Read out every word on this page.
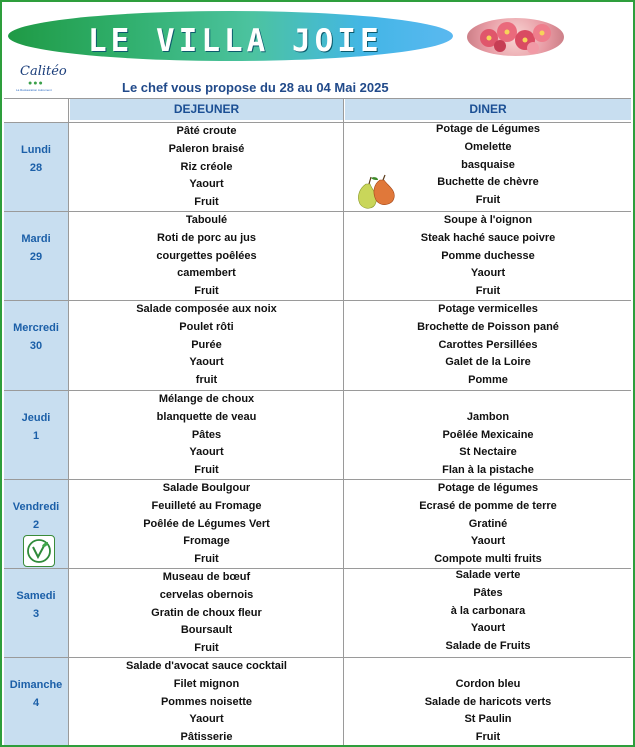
LE VILLA JOIE
Calitéo
●●●
La Restauration Autrement	Le chef vous propose du 28 au 04 Mai 2025
DEJEUNER	DINER
Lundi
28
Pâté croute
Paleron braisé
Riz créole
Yaourt
Fruit
Potage de Légumes
Omelette
basquaise
Buchette de chèvre
Fruit
Mardi
29
Taboulé
Roti de porc au jus
courgettes poêlées
camembert
Fruit
Soupe à l'oignon
Steak haché sauce poivre
Pomme duchesse
Yaourt
Fruit
Mercredi
30
Salade composée aux noix
Poulet rôti
Purée
Yaourt
fruit
Potage vermicelles
Brochette de Poisson pané
Carottes Persillées
Galet de la Loire
Pomme
Jeudi
1
Mélange de choux
blanquette de veau
Pâtes
Yaourt
Fruit
Jambon
Poêlée Mexicaine
St Nectaire
Flan à la pistache
Vendredi
2
Salade Boulgour
Feuilleté au Fromage
Poêlée de Légumes Vert
Fromage
Fruit
Potage de légumes
Ecrasé de pomme de terre
Gratiné
Yaourt
Compote multi fruits
Samedi
3
Museau de bœuf
cervelas obernois
Gratin de choux fleur
Boursault
Fruit
Salade verte
Pâtes
à la carbonara
Yaourt
Salade de Fruits
Dimanche
4
Salade d'avocat sauce cocktail
Filet mignon
Pommes noisette
Yaourt
Pâtisserie
Cordon bleu
Salade de haricots verts
St Paulin
Fruit
